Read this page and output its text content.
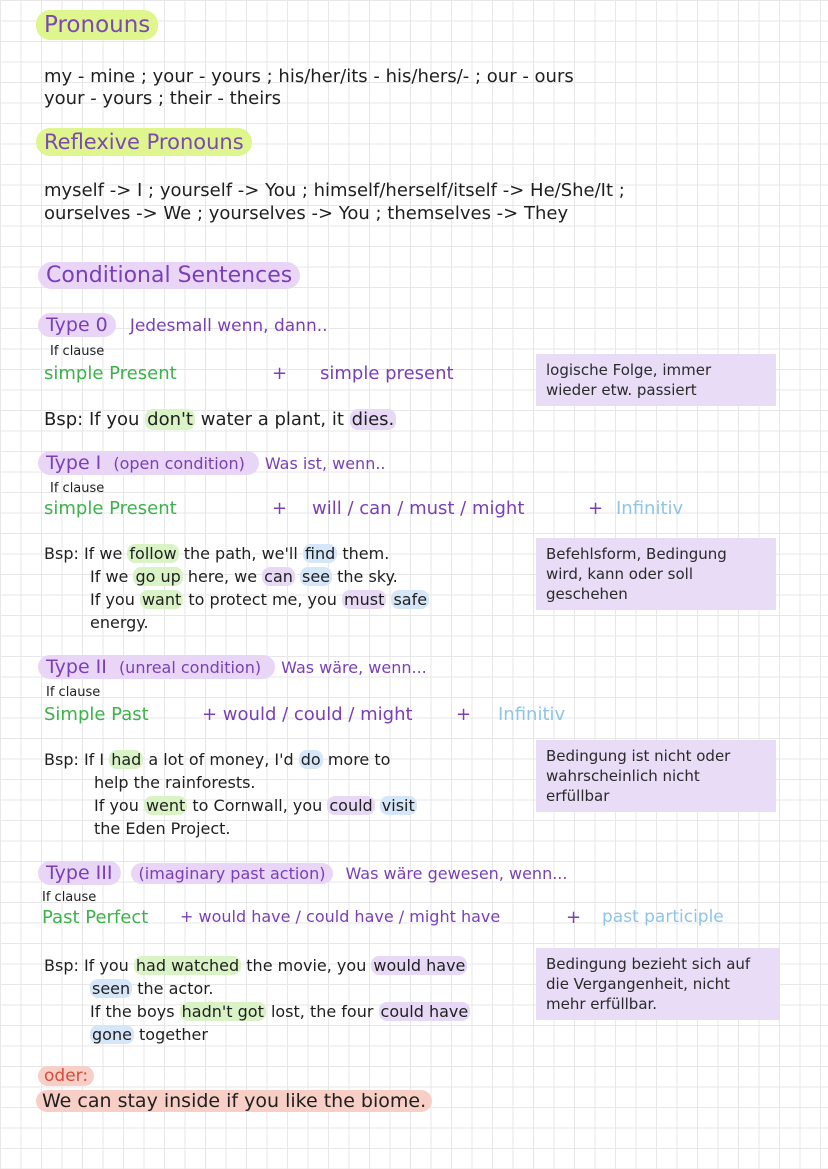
Pronouns
my - mine ; your - yours ; his/her/its - his/hers/- ; our - ours
your - yours ; their - theirs
Reflexive Pronouns
myself -> I ; yourself -> You ; himself/herself/itself -> He/She/It ;
ourselves -> We ; yourselves -> You ; themselves -> They
Conditional Sentences
Type 0 Jedesmall wenn, dann..
If clause
simple Present	+ simple present	logische Folge, immer wieder etw. passiert
Bsp: If you don't water a plant, it dies.
Type I (open condition) Was ist, wenn..
If clause
simple Present	+ will / can / must / might	+ Infinitiv
Befehlsform, Bedingung wird, kann oder soll geschehen
Bsp: If we follow the path, we'll find them.
If we go up here, we can see the sky.
If you want to protect me, you must safe
energy.
Type II (unreal condition) Was wäre, wenn...
If clause
Simple Past	+ would / could / might + Infinitiv
Bedingung ist nicht oder wahrscheinlich nicht erfüllbar
Bsp: If I had a lot of money, I'd do more to
help the rainforests.
If you went to Cornwall, you could visit
the Eden Project.
Type III (imaginary past action) Was wäre gewesen, wenn...
If clause
Past Perfect + would have / could have / might have	+ past participle
Bedingung bezieht sich auf die Vergangenheit, nicht mehr erfüllbar.
Bsp: If you had watched the movie, you would have
seen the actor.
If the boys hadn't got lost, the four could have
gone together
oder:
We can stay inside if you like the biome.
